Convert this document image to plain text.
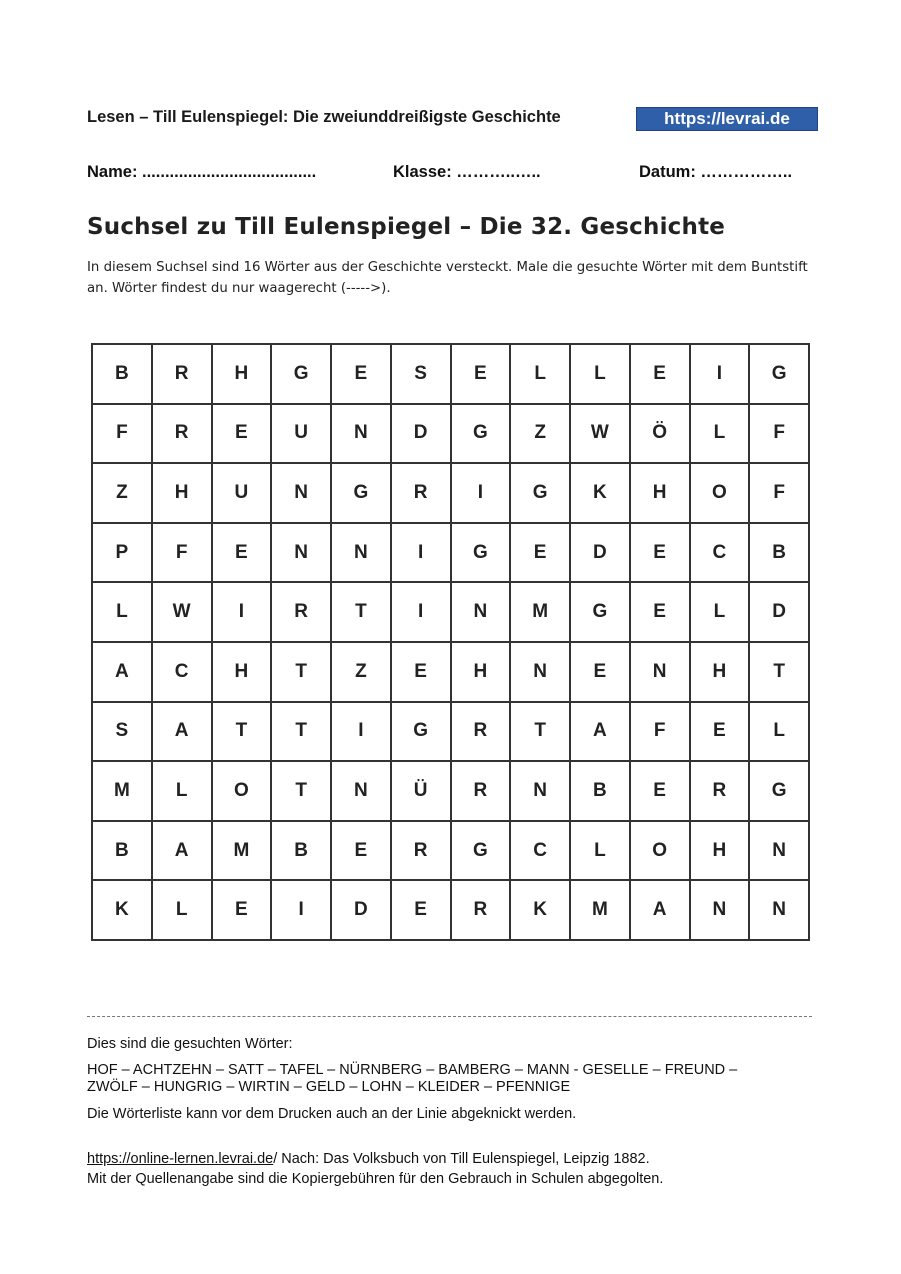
Lesen – Till Eulenspiegel: Die zweiunddreißigste Geschichte	https://levrai.de
Name: ......................................	Klasse: ………..…..	Datum: ……………..
Suchsel zu Till Eulenspiegel – Die 32. Geschichte
In diesem Suchsel sind 16 Wörter aus der Geschichte versteckt. Male die gesuchte Wörter mit dem Buntstift an. Wörter findest du nur waagerecht (----->).
B	R	H	G	E	S	E	L	L	E	I	G
F	R	E	U	N	D	G	Z	W	Ö	L	F
Z	H	U	N	G	R	I	G	K	H	O	F
P	F	E	N	N	I	G	E	D	E	C	B
L	W	I	R	T	I	N	M	G	E	L	D
A	C	H	T	Z	E	H	N	E	N	H	T
S	A	T	T	I	G	R	T	A	F	E	L
M	L	O	T	N	Ü	R	N	B	E	R	G
B	A	M	B	E	R	G	C	L	O	H	N
K	L	E	I	D	E	R	K	M	A	N	N
Dies sind die gesuchten Wörter:
HOF – ACHTZEHN – SATT – TAFEL – NÜRNBERG – BAMBERG – MANN - GESELLE – FREUND – ZWÖLF – HUNGRIG – WIRTIN – GELD – LOHN – KLEIDER – PFENNIGE
Die Wörterliste kann vor dem Drucken auch an der Linie abgeknickt werden.
https://online-lernen.levrai.de/ Nach: Das Volksbuch von Till Eulenspiegel, Leipzig 1882.
Mit der Quellenangabe sind die Kopiergebühren für den Gebrauch in Schulen abgegolten.
